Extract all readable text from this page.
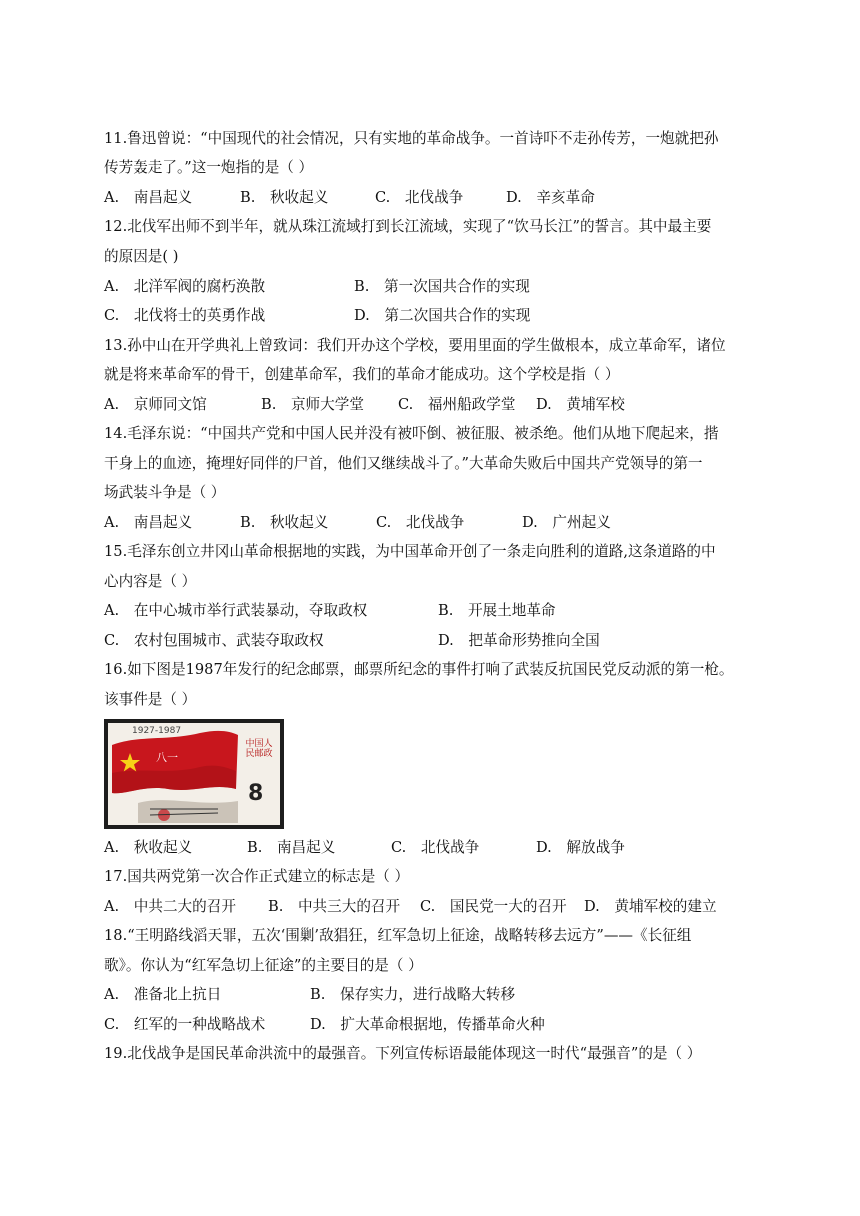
11.鲁迅曾说：“中国现代的社会情况，只有实地的革命战争。一首诗吓不走孙传芳，一炮就把孙
传芳轰走了。”这一炮指的是（ ）
A.　南昌起义	B.　秋收起义	C.　北伐战争	D.　辛亥革命
12.北伐军出师不到半年，就从珠江流域打到长江流域，实现了“饮马长江”的誓言。其中最主要
的原因是( )
A.　北洋军阀的腐朽涣散	B.　第一次国共合作的实现
C.　北伐将士的英勇作战	D.　第二次国共合作的实现
13.孙中山在开学典礼上曾致词：我们开办这个学校，要用里面的学生做根本，成立革命军，诸位
就是将来革命军的骨干，创建革命军，我们的革命才能成功。这个学校是指（ ）
A.　京师同文馆	B.　京师大学堂 C.　福州船政学堂 D.　黄埔军校
14.毛泽东说：“中国共产党和中国人民并没有被吓倒、被征服、被杀绝。他们从地下爬起来，揩
干身上的血迹，掩埋好同伴的尸首，他们又继续战斗了。”大革命失败后中国共产党领导的第一
场武装斗争是（ ）
A.　南昌起义	B.　秋收起义	C.　北伐战争	D.　广州起义
15.毛泽东创立井冈山革命根据地的实践，为中国革命开创了一条走向胜利的道路,这条道路的中
心内容是（ ）
A.　在中心城市举行武装暴动，夺取政权	B.　开展土地革命
C.　农村包围城市、武装夺取政权	D.　把革命形势推向全国
16.如下图是1987年发行的纪念邮票，邮票所纪念的事件打响了武装反抗国民党反动派的第一枪。
该事件是（ ）
1927-1987
八一
中国人民邮政
8
A.　秋收起义	B.　南昌起义	C.　北伐战争	D.　解放战争
17.国共两党第一次合作正式建立的标志是（ ）
A.　中共二大的召开 B.　中共三大的召开 C.　国民党一大的召开 D.　黄埔军校的建立
18.“王明路线滔天罪，五次‘围剿’敌猖狂，红军急切上征途，战略转移去远方”——《长征组
歌》。你认为“红军急切上征途”的主要目的是（ ）
A.　准备北上抗日	B.　保存实力，进行战略大转移
C.　红军的一种战略战术	D.　扩大革命根据地，传播革命火种
19.北伐战争是国民革命洪流中的最强音。下列宣传标语最能体现这一时代“最强音”的是（ ）
